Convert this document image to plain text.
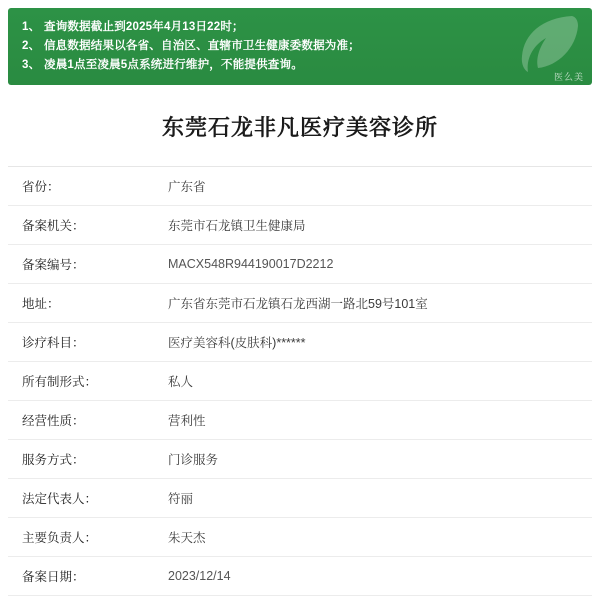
1、 查询数据截止到2025年4月13日22时；
2、 信息数据结果以各省、自治区、直辖市卫生健康委数据为准；
3、 凌晨1点至凌晨5点系统进行维护，不能提供查询。
医么美
东莞石龙非凡医疗美容诊所
省份：	广东省
备案机关：	东莞市石龙镇卫生健康局
备案编号：	MACX548R944190017D2212
地址：	广东省东莞市石龙镇石龙西湖一路北59号101室
诊疗科目：	医疗美容科(皮肤科)******
所有制形式：	私人
经营性质：	营利性
服务方式：	门诊服务
法定代表人：	符丽
主要负责人：	朱天杰
备案日期：	2023/12/14
